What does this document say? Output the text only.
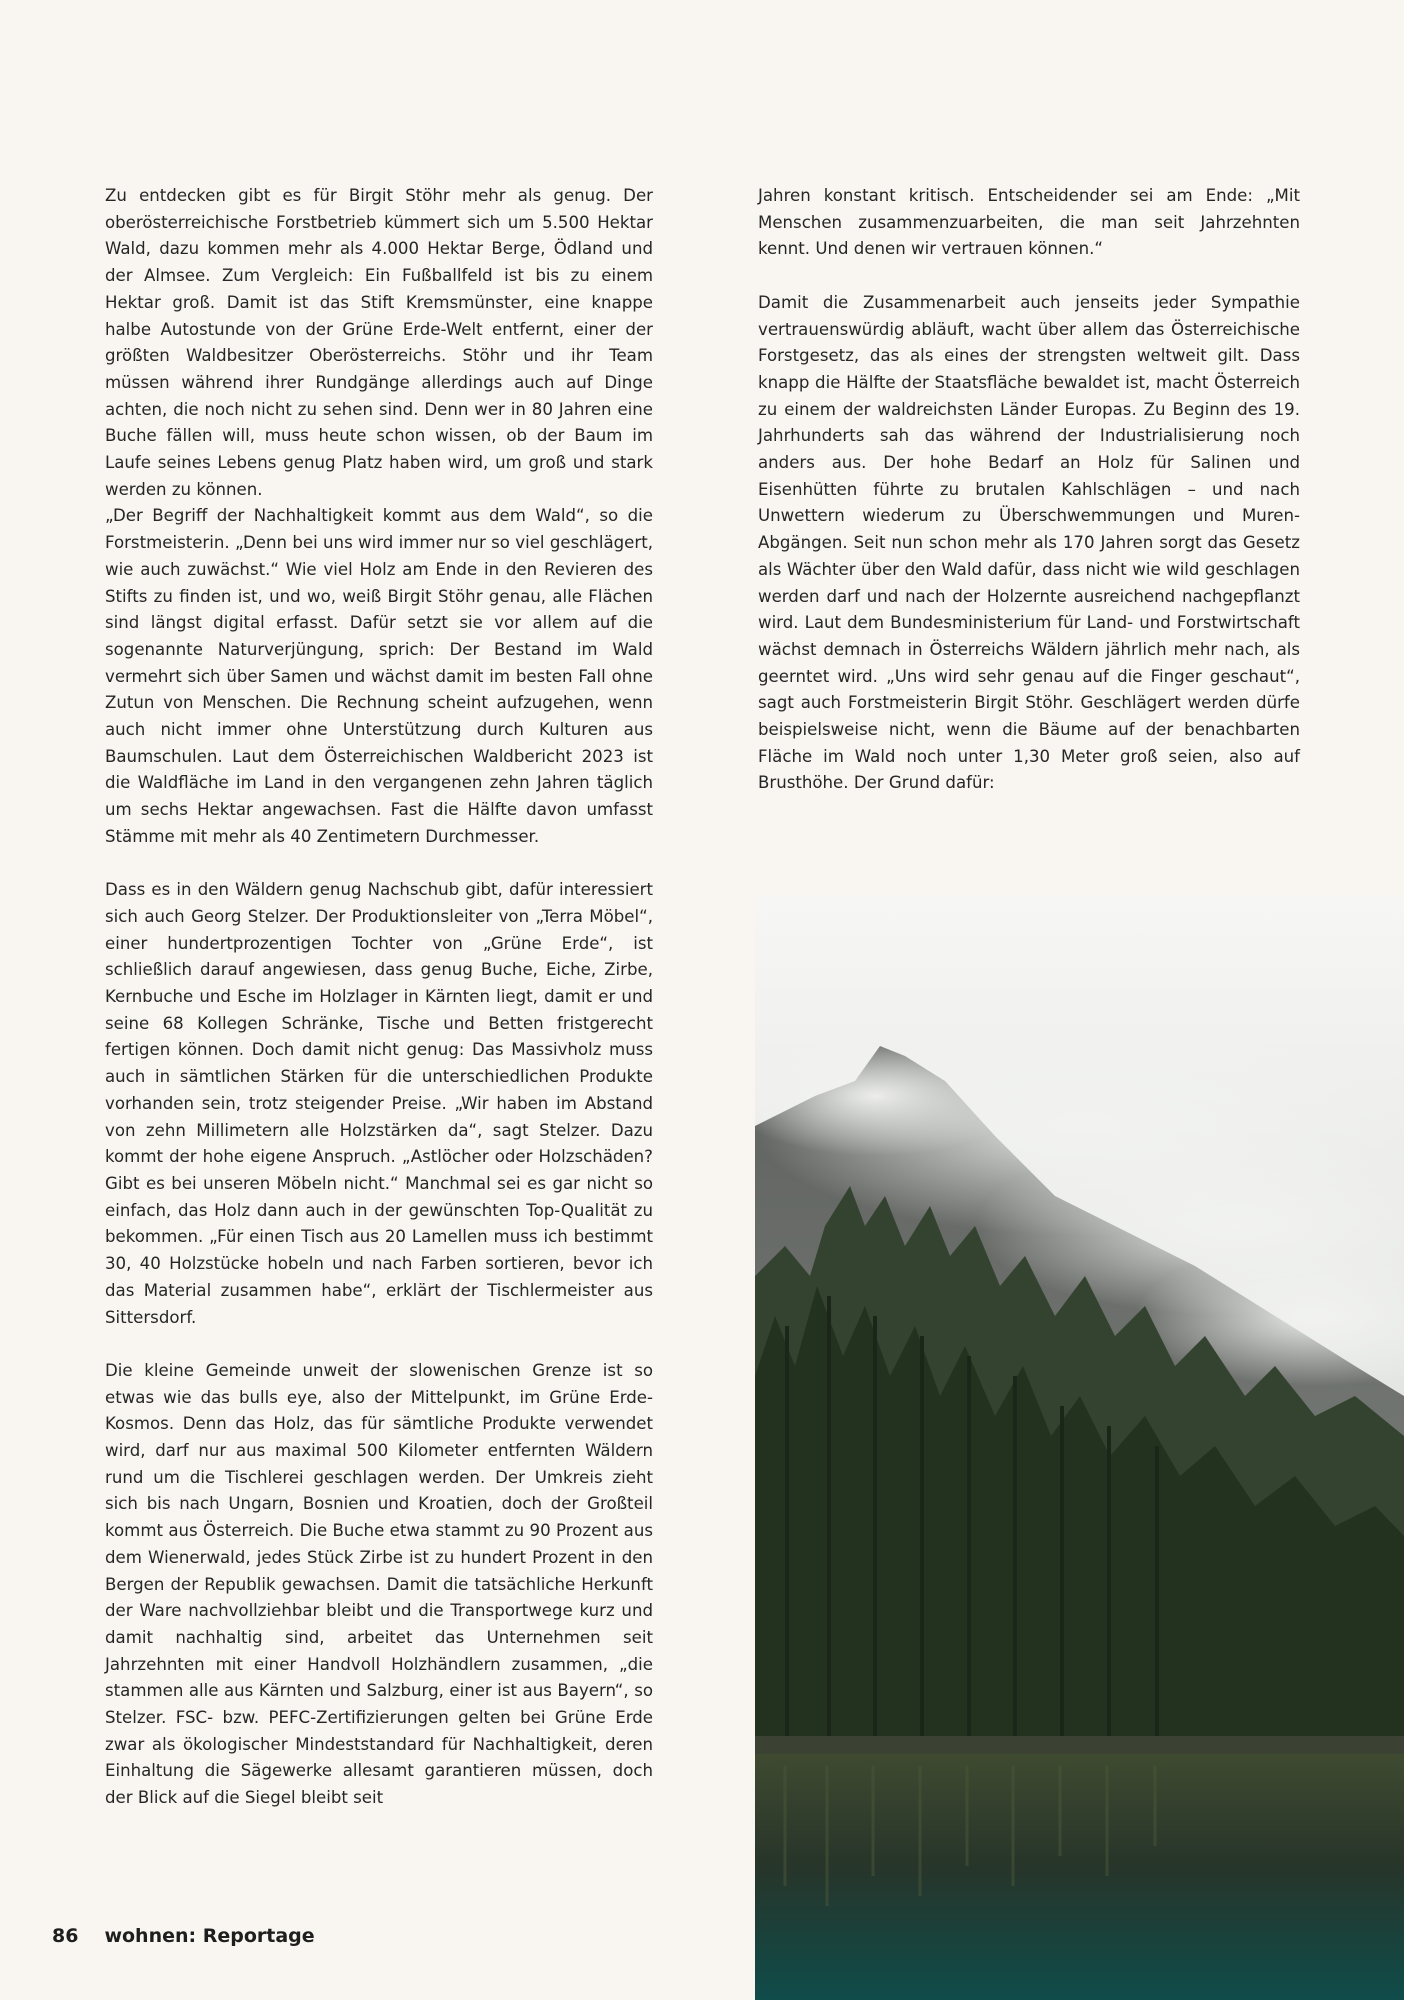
Zu entdecken gibt es für Birgit Stöhr mehr als genug. Der oberösterreichische Forstbetrieb kümmert sich um 5.500 Hektar Wald, dazu kommen mehr als 4.000 Hektar Berge, Ödland und der Almsee. Zum Vergleich: Ein Fußballfeld ist bis zu einem Hektar groß. Damit ist das Stift Kremsmünster, eine knappe halbe Autostunde von der Grüne Erde-Welt entfernt, einer der größten Waldbesitzer Oberösterreichs. Stöhr und ihr Team müssen während ihrer Rundgänge allerdings auch auf Dinge achten, die noch nicht zu sehen sind. Denn wer in 80 Jahren eine Buche fällen will, muss heute schon wissen, ob der Baum im Laufe seines Lebens genug Platz haben wird, um groß und stark werden zu können.

„Der Begriff der Nachhaltigkeit kommt aus dem Wald“, so die Forstmeisterin. „Denn bei uns wird immer nur so viel geschlägert, wie auch zuwächst.“ Wie viel Holz am Ende in den Revieren des Stifts zu finden ist, und wo, weiß Birgit Stöhr genau, alle Flächen sind längst digital erfasst. Dafür setzt sie vor allem auf die sogenannte Naturverjüngung, sprich: Der Bestand im Wald vermehrt sich über Samen und wächst damit im besten Fall ohne Zutun von Menschen. Die Rechnung scheint aufzugehen, wenn auch nicht immer ohne Unterstützung durch Kulturen aus Baumschulen. Laut dem Österreichischen Waldbericht 2023 ist die Waldfläche im Land in den vergangenen zehn Jahren täglich um sechs Hektar angewachsen. Fast die Hälfte davon umfasst Stämme mit mehr als 40 Zentimetern Durchmesser.

Dass es in den Wäldern genug Nachschub gibt, dafür interessiert sich auch Georg Stelzer. Der Produktionsleiter von „Terra Möbel“, einer hundertprozentigen Tochter von „Grüne Erde“, ist schließlich darauf angewiesen, dass genug Buche, Eiche, Zirbe, Kernbuche und Esche im Holzlager in Kärnten liegt, damit er und seine 68 Kollegen Schränke, Tische und Betten fristgerecht fertigen können. Doch damit nicht genug: Das Massivholz muss auch in sämtlichen Stärken für die unterschiedlichen Produkte vorhanden sein, trotz steigender Preise. „Wir haben im Abstand von zehn Millimetern alle Holzstärken da“, sagt Stelzer. Dazu kommt der hohe eigene Anspruch. „Astlöcher oder Holzschäden? Gibt es bei unseren Möbeln nicht.“ Manchmal sei es gar nicht so einfach, das Holz dann auch in der gewünschten Top-Qualität zu bekommen. „Für einen Tisch aus 20 Lamellen muss ich bestimmt 30, 40 Holzstücke hobeln und nach Farben sortieren, bevor ich das Material zusammen habe“, erklärt der Tischlermeister aus Sittersdorf.

Die kleine Gemeinde unweit der slowenischen Grenze ist so etwas wie das bulls eye, also der Mittelpunkt, im Grüne Erde-Kosmos. Denn das Holz, das für sämtliche Produkte verwendet wird, darf nur aus maximal 500 Kilometer entfernten Wäldern rund um die Tischlerei geschlagen werden. Der Umkreis zieht sich bis nach Ungarn, Bosnien und Kroatien, doch der Großteil kommt aus Österreich. Die Buche etwa stammt zu 90 Prozent aus dem Wienerwald, jedes Stück Zirbe ist zu hundert Prozent in den Bergen der Republik gewachsen. Damit die tatsächliche Herkunft der Ware nachvollziehbar bleibt und die Transportwege kurz und damit nachhaltig sind, arbeitet das Unternehmen seit Jahrzehnten mit einer Handvoll Holzhändlern zusammen, „die stammen alle aus Kärnten und Salzburg, einer ist aus Bayern“, so Stelzer. FSC- bzw. PEFC-Zertifizierungen gelten bei Grüne Erde zwar als ökologischer Mindeststandard für Nachhaltigkeit, deren Einhaltung die Sägewerke allesamt garantieren müssen, doch der Blick auf die Siegel bleibt seit

Jahren konstant kritisch. Entscheidender sei am Ende: „Mit Menschen zusammenzuarbeiten, die man seit Jahrzehnten kennt. Und denen wir vertrauen können.“

Damit die Zusammenarbeit auch jenseits jeder Sympathie vertrauenswürdig abläuft, wacht über allem das Österreichische Forstgesetz, das als eines der strengsten weltweit gilt. Dass knapp die Hälfte der Staatsfläche bewaldet ist, macht Österreich zu einem der waldreichsten Länder Europas. Zu Beginn des 19. Jahrhunderts sah das während der Industrialisierung noch anders aus. Der hohe Bedarf an Holz für Salinen und Eisenhütten führte zu brutalen Kahlschlägen – und nach Unwettern wiederum zu Überschwemmungen und Muren-Abgängen. Seit nun schon mehr als 170 Jahren sorgt das Gesetz als Wächter über den Wald dafür, dass nicht wie wild geschlagen werden darf und nach der Holzernte ausreichend nachgepflanzt wird. Laut dem Bundesministerium für Land- und Forstwirtschaft wächst demnach in Österreichs Wäldern jährlich mehr nach, als geerntet wird. „Uns wird sehr genau auf die Finger geschaut“, sagt auch Forstmeisterin Birgit Stöhr. Geschlägert werden dürfe beispielsweise nicht, wenn die Bäume auf der benachbarten Fläche im Wald noch unter 1,30 Meter groß seien, also auf Brusthöhe. Der Grund dafür:

86 wohnen: Reportage
